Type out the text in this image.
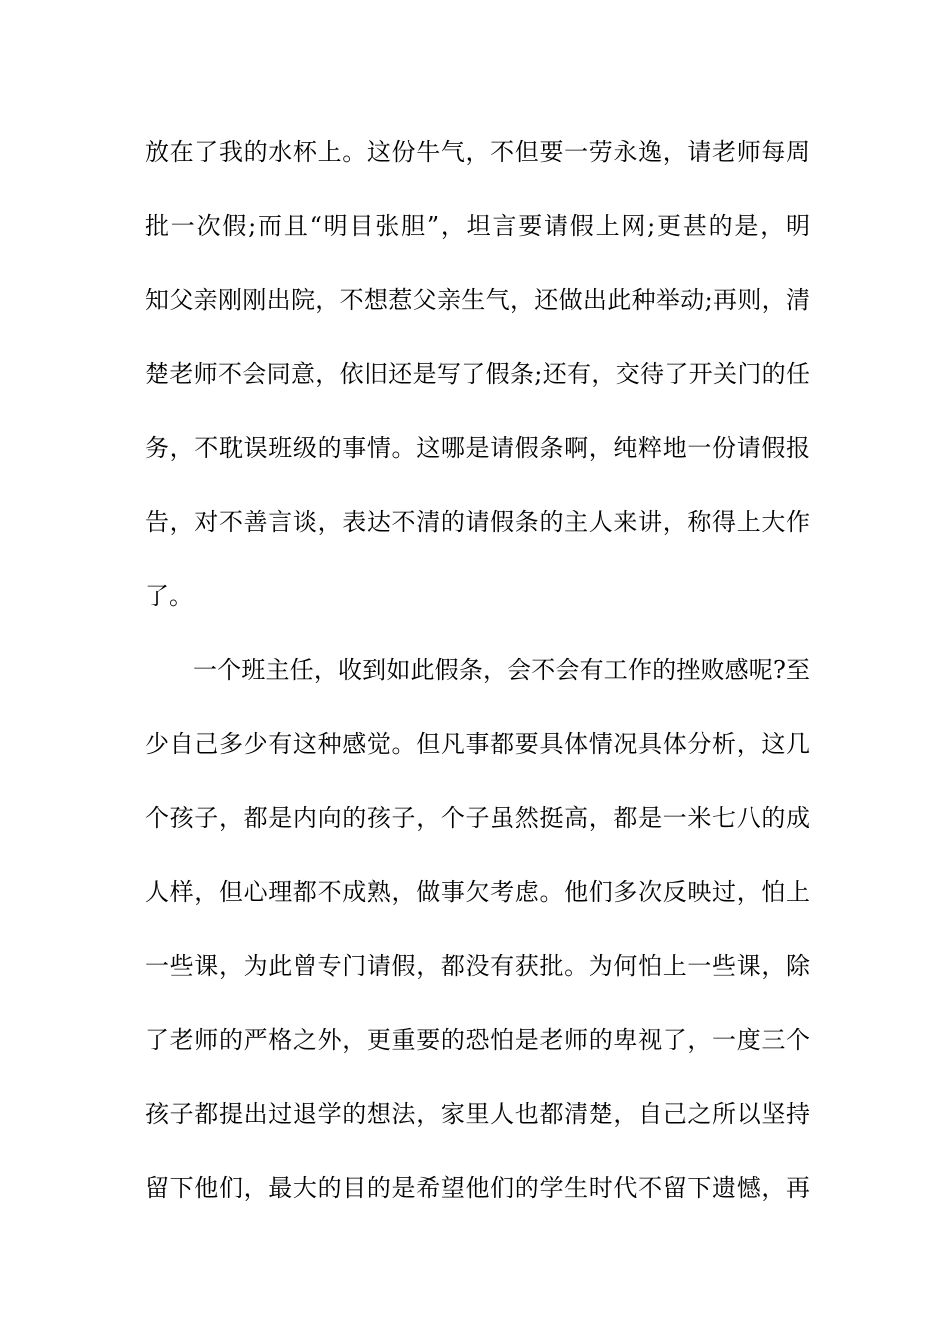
放在了我的水杯上。这份牛气，不但要一劳永逸，请老师每周
批一次假;而且“明目张胆”，坦言要请假上网;更甚的是，明
知父亲刚刚出院，不想惹父亲生气，还做出此种举动;再则，清
楚老师不会同意，依旧还是写了假条;还有，交待了开关门的任
务，不耽误班级的事情。这哪是请假条啊，纯粹地一份请假报
告，对不善言谈，表达不清的请假条的主人来讲，称得上大作
了。
一个班主任，收到如此假条，会不会有工作的挫败感呢?至
少自己多少有这种感觉。但凡事都要具体情况具体分析，这几
个孩子，都是内向的孩子，个子虽然挺高，都是一米七八的成
人样，但心理都不成熟，做事欠考虑。他们多次反映过，怕上
一些课，为此曾专门请假，都没有获批。为何怕上一些课，除
了老师的严格之外，更重要的恐怕是老师的卑视了，一度三个
孩子都提出过退学的想法，家里人也都清楚，自己之所以坚持
留下他们，最大的目的是希望他们的学生时代不留下遗憾，再
